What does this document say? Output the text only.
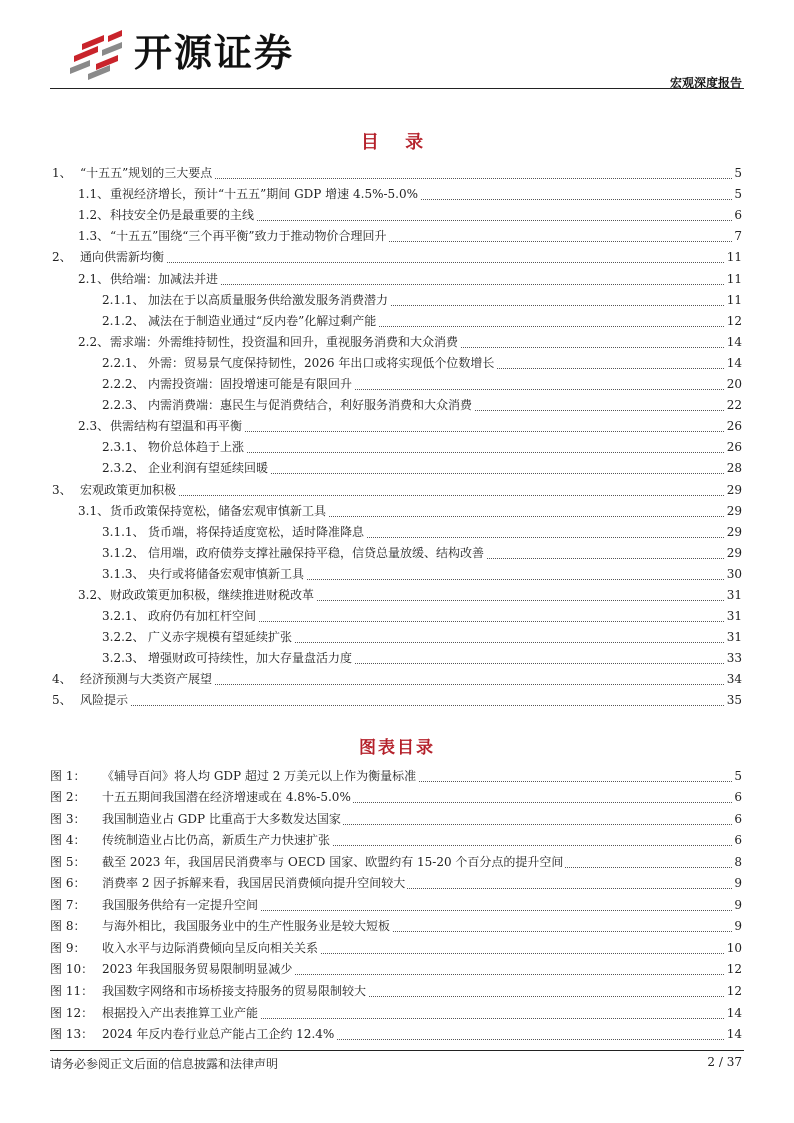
开源证券
宏观深度报告
目 录
1、 “十五五”规划的三大要点	5
1.1、重视经济增长，预计“十五五”期间 GDP 增速 4.5%-5.0%	5
1.2、科技安全仍是最重要的主线	6
1.3、“十五五”围绕“三个再平衡”致力于推动物价合理回升	7
2、 通向供需新均衡	11
2.1、供给端：加减法并进	11
2.1.1、 加法在于以高质量服务供给激发服务消费潜力	11
2.1.2、 减法在于制造业通过“反内卷”化解过剩产能	12
2.2、需求端：外需维持韧性，投资温和回升，重视服务消费和大众消费	14
2.2.1、 外需：贸易景气度保持韧性，2026 年出口或将实现低个位数增长	14
2.2.2、 内需投资端：固投增速可能是有限回升	20
2.2.3、 内需消费端：惠民生与促消费结合，利好服务消费和大众消费	22
2.3、供需结构有望温和再平衡	26
2.3.1、 物价总体趋于上涨	26
2.3.2、 企业利润有望延续回暖	28
3、 宏观政策更加积极	29
3.1、货币政策保持宽松，储备宏观审慎新工具	29
3.1.1、 货币端，将保持适度宽松，适时降准降息	29
3.1.2、 信用端，政府债券支撑社融保持平稳，信贷总量放缓、结构改善	29
3.1.3、 央行或将储备宏观审慎新工具	30
3.2、财政政策更加积极，继续推进财税改革	31
3.2.1、 政府仍有加杠杆空间	31
3.2.2、 广义赤字规模有望延续扩张	31
3.2.3、 增强财政可持续性，加大存量盘活力度	33
4、 经济预测与大类资产展望	34
5、 风险提示	35
图表目录
图 1： 《辅导百问》将人均 GDP 超过 2 万美元以上作为衡量标准	5
图 2： 十五五期间我国潜在经济增速或在 4.8%-5.0%	6
图 3： 我国制造业占 GDP 比重高于大多数发达国家	6
图 4： 传统制造业占比仍高，新质生产力快速扩张	6
图 5： 截至 2023 年，我国居民消费率与 OECD 国家、欧盟约有 15-20 个百分点的提升空间	8
图 6： 消费率 2 因子拆解来看，我国居民消费倾向提升空间较大	9
图 7： 我国服务供给有一定提升空间	9
图 8： 与海外相比，我国服务业中的生产性服务业是较大短板	9
图 9： 收入水平与边际消费倾向呈反向相关关系	10
图 10： 2023 年我国服务贸易限制明显减少	12
图 11： 我国数字网络和市场桥接支持服务的贸易限制较大	12
图 12： 根据投入产出表推算工业产能	14
图 13： 2024 年反内卷行业总产能占工企约 12.4%	14
请务必参阅正文后面的信息披露和法律声明	2 / 37
